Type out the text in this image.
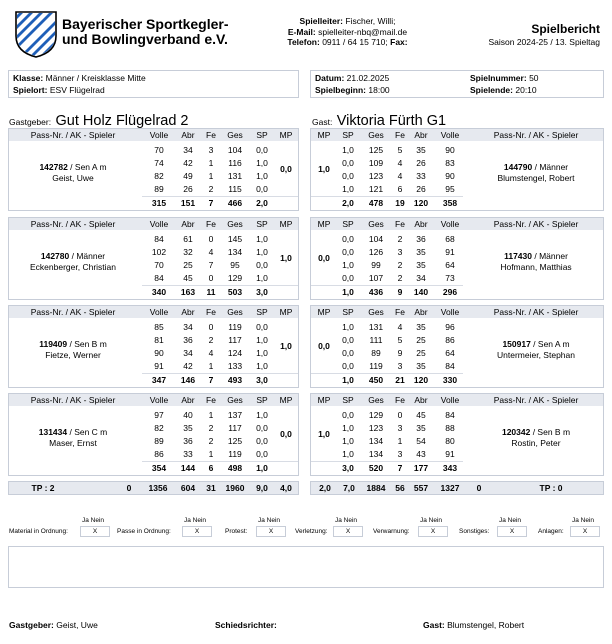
Bayerischer Sportkegler-
und Bowlingverband e.V.
Spielleiter: Fischer, Willi;
E-Mail: spielleiter-nbq@mail.de
Telefon: 0911 / 64 15 710; Fax:
Spielbericht
Saison 2024-25 / 13. Spieltag
Klasse: Männer / Kreisklasse Mitte
Spielort: ESV Flügelrad
Datum: 21.02.2025	Spielnummer: 50
Spielbeginn: 18:00	Spielende: 20:10
Gastgeber: Gut Holz Flügelrad 2	Gast: Viktoria Fürth G1
Pass-Nr. / AK - Spieler	Volle	Abr	Fe	Ges	SP	MP
142782 / Sen A m
Geist, Uwe
70	34	3	104	0,0
74	42	1	116	1,0
82	49	1	131	1,0
89	26	2	115	0,0
0,0
315	151	7	466	2,0
MP	SP	Ges	Fe	Abr	Volle	Pass-Nr. / AK - Spieler
144790 / Männer
Blumstengel, Robert
1,0
1,0	125	5	35	90
0,0	109	4	26	83
0,0	123	4	33	90
1,0	121	6	26	95
2,0	478	19	120	358
Pass-Nr. / AK - Spieler	Volle	Abr	Fe	Ges	SP	MP
142780 / Männer
Eckenberger, Christian
84	61	0	145	1,0
102	32	4	134	1,0
70	25	7	95	0,0
84	45	0	129	1,0
1,0
340	163	11	503	3,0
MP	SP	Ges	Fe	Abr	Volle	Pass-Nr. / AK - Spieler
117430 / Männer
Hofmann, Matthias
0,0
0,0	104	2	36	68
0,0	126	3	35	91
1,0	99	2	35	64
0,0	107	2	34	73
1,0	436	9	140	296
Pass-Nr. / AK - Spieler	Volle	Abr	Fe	Ges	SP	MP
119409 / Sen B m
Fietze, Werner
85	34	0	119	0,0
81	36	2	117	1,0
90	34	4	124	1,0
91	42	1	133	1,0
1,0
347	146	7	493	3,0
MP	SP	Ges	Fe	Abr	Volle	Pass-Nr. / AK - Spieler
150917 / Sen A m
Untermeier, Stephan
0,0
1,0	131	4	35	96
0,0	111	5	25	86
0,0	89	9	25	64
0,0	119	3	35	84
1,0	450	21	120	330
Pass-Nr. / AK - Spieler	Volle	Abr	Fe	Ges	SP	MP
131434 / Sen C m
Maser, Ernst
97	40	1	137	1,0
82	35	2	117	0,0
89	36	2	125	0,0
86	33	1	119	0,0
0,0
354	144	6	498	1,0
MP	SP	Ges	Fe	Abr	Volle	Pass-Nr. / AK - Spieler
120342 / Sen B m
Rostin, Peter
1,0
0,0	129	0	45	84
1,0	123	3	35	88
1,0	134	1	54	80
1,0	134	3	43	91
3,0	520	7	177	343
TP : 2	0	1356	604	31	1960	9,0	4,0	2,0	7,0	1884	56	557	1327	0	TP : 0
Material in Ordnung:
Ja Nein
X	Passe in Ordnung:
Ja Nein
X	Protest:
Ja Nein
X	Verletzung:
Ja Nein
X	Verwarnung:
Ja Nein
X	Sonstiges:
Ja Nein
X	Anlagen:
Ja Nein
X
Gastgeber: Geist, Uwe	Schiedsrichter:	Gast: Blumstengel, Robert
